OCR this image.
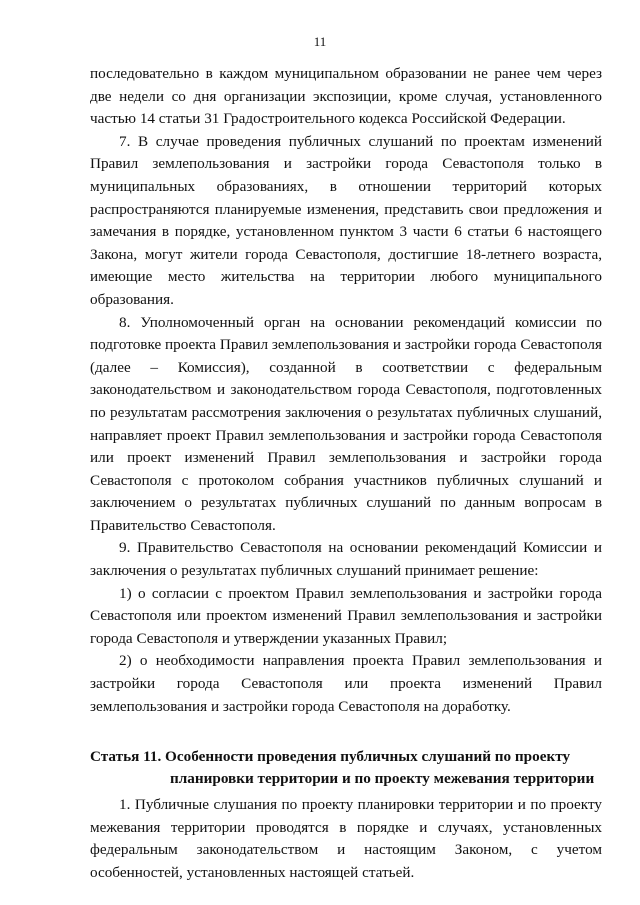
11

последовательно в каждом муниципальном образовании не ранее чем через две недели со дня организации экспозиции, кроме случая, установленного частью 14 статьи 31 Градостроительного кодекса Российской Федерации.

7. В случае проведения публичных слушаний по проектам изменений Правил землепользования и застройки города Севастополя только в муниципальных образованиях, в отношении территорий которых распространяются планируемые изменения, представить свои предложения и замечания в порядке, установленном пунктом 3 части 6 статьи 6 настоящего Закона, могут жители города Севастополя, достигшие 18-летнего возраста, имеющие место жительства на территории любого муниципального образования.

8. Уполномоченный орган на основании рекомендаций комиссии по подготовке проекта Правил землепользования и застройки города Севастополя (далее – Комиссия), созданной в соответствии с федеральным законодательством и законодательством города Севастополя, подготовленных по результатам рассмотрения заключения о результатах публичных слушаний, направляет проект Правил землепользования и застройки города Севастополя или проект изменений Правил землепользования и застройки города Севастополя с протоколом собрания участников публичных слушаний и заключением о результатах публичных слушаний по данным вопросам в Правительство Севастополя.

9. Правительство Севастополя на основании рекомендаций Комиссии и заключения о результатах публичных слушаний принимает решение:

1) о согласии с проектом Правил землепользования и застройки города Севастополя или проектом изменений Правил землепользования и застройки города Севастополя и утверждении указанных Правил;

2) о необходимости направления проекта Правил землепользования и застройки города Севастополя или проекта изменений Правил землепользования и застройки города Севастополя на доработку.

Статья 11. Особенности проведения публичных слушаний по проекту
планировки территории и по проекту межевания территории

1. Публичные слушания по проекту планировки территории и по проекту межевания территории проводятся в порядке и случаях, установленных федеральным законодательством и настоящим Законом, с учетом особенностей, установленных настоящей статьей.
